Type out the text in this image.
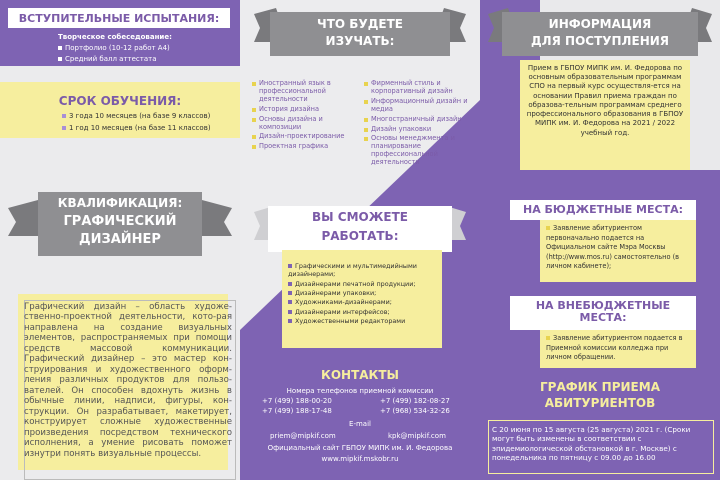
ВСТУПИТЕЛЬНЫЕ ИСПЫТАНИЯ:
Творческое собеседование:
Портфолио (10-12 работ А4)
Средний балл аттестата
СРОК ОБУЧЕНИЯ:
3 года 10 месяцев (на базе 9 классов)
1 год 10 месяцев (на базе 11 классов)
КВАЛИФИКАЦИЯ:
ГРАФИЧЕСКИЙ
ДИЗАЙНЕР
Графический дизайн – область художе-ственно-проектной деятельности, кото-рая направлена на создание визуальных элементов, распространяемых при помощи средств массовой коммуникации. Графический дизайнер – это мастер кон-струирования и художественного оформ-ления различных продуктов для пользо-вателей. Он способен вдохнуть жизнь в обычные линии, надписи, фигуры, кон-струкции. Он разрабатывает, макетирует, конструирует сложные художественные произведения посредством технического исполнения, а умение рисовать поможет изнутри понять визуальные процессы.
ЧТО БУДЕТЕ
ИЗУЧАТЬ:
Иностранный язык в профессиональной деятельности
История дизайна
Основы дизайна и композиции
Дизайн-проектирование
Проектная графика
Фирменный стиль и корпоративный дизайн
Информационный дизайн и медиа
Многостраничный дизайн
Дизайн упаковки
Основы менеджмента и планирование профессиональной деятельности
ВЫ СМОЖЕТЕ
РАБОТАТЬ:
Графическими и мультимедийными дизайнерами;
Дизайнерами печатной продукции;
Дизайнерами упаковки;
Художниками-дизайнерами;
Дизайнерами интерфейсов;
Художественными редакторами
КОНТАКТЫ
Номера телефонов приемной комиссии
+7 (499) 188-00-20	+7 (499) 182-08-27
+7 (499) 188-17-48	+7 (968) 534-32-26
E-mail
priem@mipkif.com	kpk@mipkif.com
Официальный сайт ГБПОУ МИПК им. И. Федорова
www.mipkif.mskobr.ru
ИНФОРМАЦИЯ
ДЛЯ ПОСТУПЛЕНИЯ
Прием в ГБПОУ МИПК им. И. Федорова по основным образовательным программам СПО на первый курс осуществля-ется на основании Правил приема граждан по образова-тельным программам среднего профессионального образования в ГБПОУ МИПК им. И. Федорова на 2021 / 2022 учебный год.
НА БЮДЖЕТНЫЕ МЕСТА:
Заявление абитуриентом первоначально подается на Официальном сайте Мэра Москвы (http://www.mos.ru) самостоятельно (в личном кабинете);
НА ВНЕБЮДЖЕТНЫЕ
МЕСТА:
Заявление абитуриентом подается в Приемной комиссии колледжа при личном обращении.
ГРАФИК ПРИЕМА
АБИТУРИЕНТОВ
С 20 июня по 15 августа (25 августа) 2021 г. (Сроки могут быть изменены в соответствии с эпидемиологической обстановкой в г. Москве) с понедельника по пятницу с 09.00 до 16.00
